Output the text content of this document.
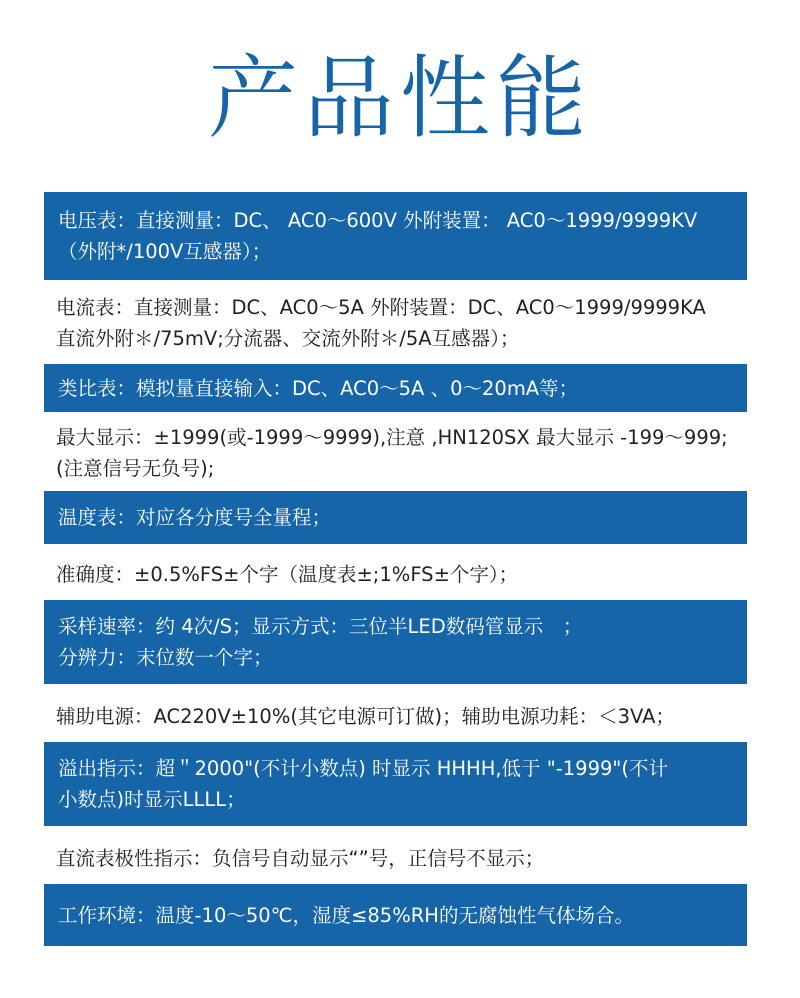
产品性能
电压表：直接测量：DC、 AC0～600V 外附装置： AC0～1999/9999KV
（外附*/100V互感器）；
电流表：直接测量：DC、AC0～5A 外附装置：DC、AC0～1999/9999KA
直流外附＊/75mV;分流器、交流外附＊/5A互感器）；
类比表：模拟量直接输入：DC、AC0～5A 、0～20mA等；
最大显示：±1999(或-1999～9999),注意 ,HN120SX 最大显示 -199～999;
(注意信号无负号);
温度表：对应各分度号全量程；
准确度：±0.5%FS±个字（温度表±;1%FS±个字）；
采样速率：约 4次/S；显示方式：三位半LED数码管显示　；
分辨力：末位数一个字；
辅助电源：AC220V±10%(其它电源可订做)；辅助电源功耗：＜3VA；
溢出指示：超＂2000"(不计小数点) 时显示 HHHH,低于 "-1999"(不计
小数点)时显示LLLL；
直流表极性指示：负信号自动显示“”号，正信号不显示；
工作环境：温度-10～50℃，湿度≤85%RH的无腐蚀性气体场合。
